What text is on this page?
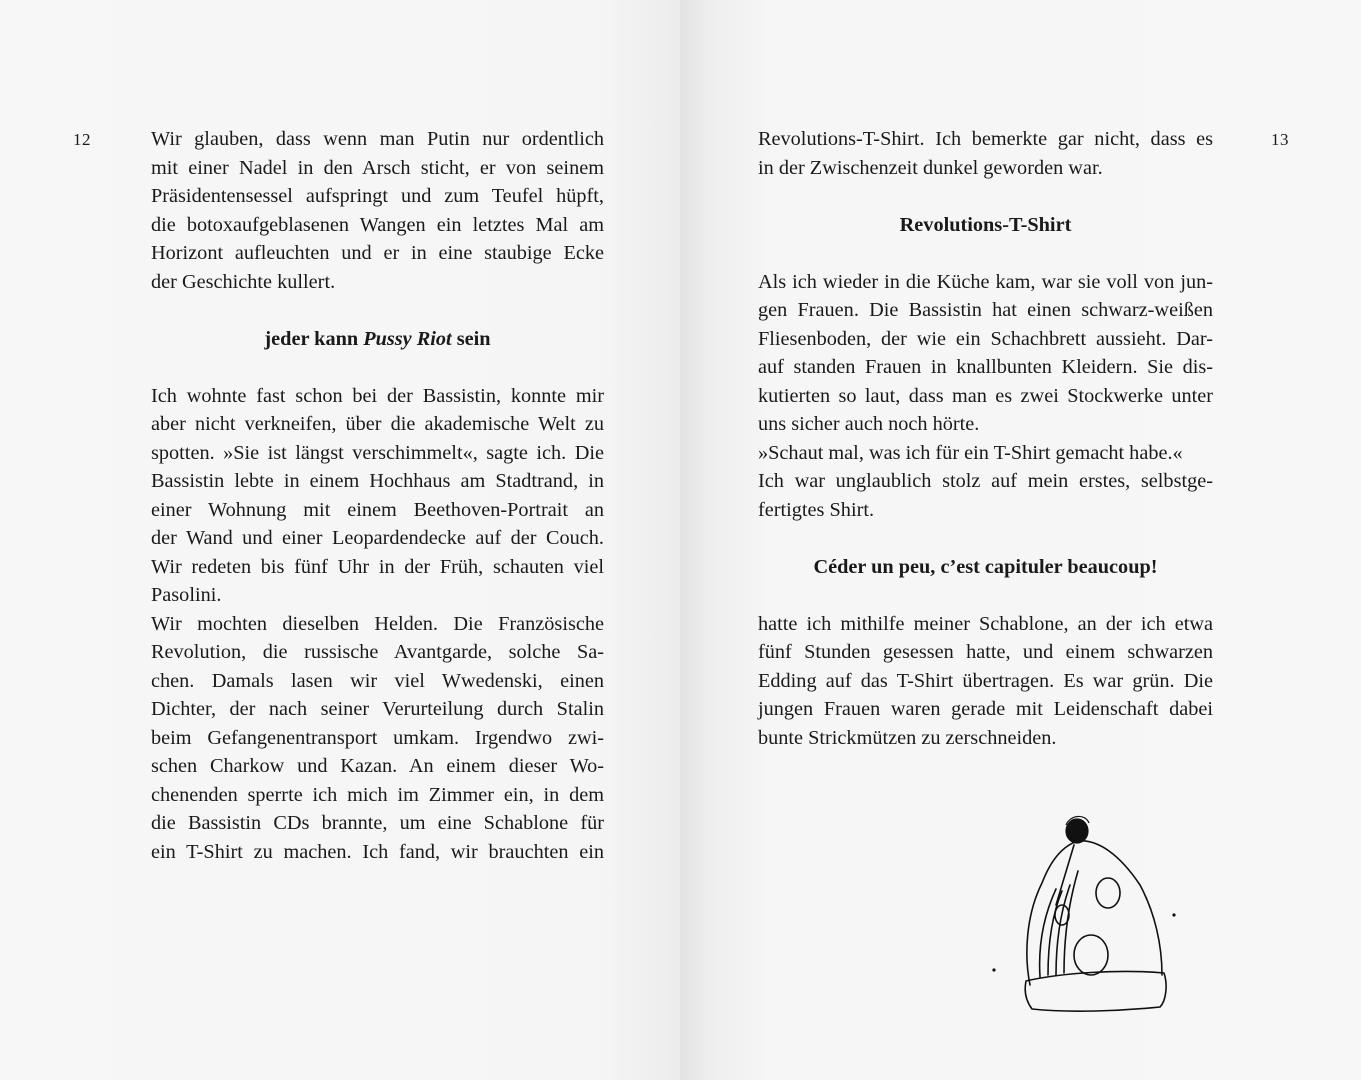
12	13

Wir glauben, dass wenn man Putin nur ordentlich
mit einer Nadel in den Arsch sticht, er von seinem
Präsidentensessel aufspringt und zum Teufel hüpft,
die botoxaufgeblasenen Wangen ein letztes Mal am
Horizont aufleuchten und er in eine staubige Ecke
der Geschichte kullert.

jeder kann Pussy Riot sein

Ich wohnte fast schon bei der Bassistin, konnte mir
aber nicht verkneifen, über die akademische Welt zu
spotten. »Sie ist längst verschimmelt«, sagte ich. Die
Bassistin lebte in einem Hochhaus am Stadtrand, in
einer Wohnung mit einem Beethoven-Portrait an
der Wand und einer Leopardendecke auf der Couch.
Wir redeten bis fünf Uhr in der Früh, schauten viel
Pasolini.

Wir mochten dieselben Helden. Die Französische
Revolution, die russische Avantgarde, solche Sa-
chen. Damals lasen wir viel Wwedenski, einen
Dichter, der nach seiner Verurteilung durch Stalin
beim Gefangenentransport umkam. Irgendwo zwi-
schen Charkow und Kazan. An einem dieser Wo-
chenenden sperrte ich mich im Zimmer ein, in dem
die Bassistin CDs brannte, um eine Schablone für
ein T-Shirt zu machen. Ich fand, wir brauchten ein

Revolutions-T-Shirt. Ich bemerkte gar nicht, dass es
in der Zwischenzeit dunkel geworden war.

Revolutions-T-Shirt

Als ich wieder in die Küche kam, war sie voll von jun-
gen Frauen. Die Bassistin hat einen schwarz-weißen
Fliesenboden, der wie ein Schachbrett aussieht. Dar-
auf standen Frauen in knallbunten Kleidern. Sie dis-
kutierten so laut, dass man es zwei Stockwerke unter
uns sicher auch noch hörte.

»Schaut mal, was ich für ein T-Shirt gemacht habe.«

Ich war unglaublich stolz auf mein erstes, selbstge-
fertigtes Shirt.

Céder un peu, c’est capituler beaucoup!

hatte ich mithilfe meiner Schablone, an der ich etwa
fünf Stunden gesessen hatte, und einem schwarzen
Edding auf das T-Shirt übertragen. Es war grün. Die
jungen Frauen waren gerade mit Leidenschaft dabei
bunte Strickmützen zu zerschneiden.
